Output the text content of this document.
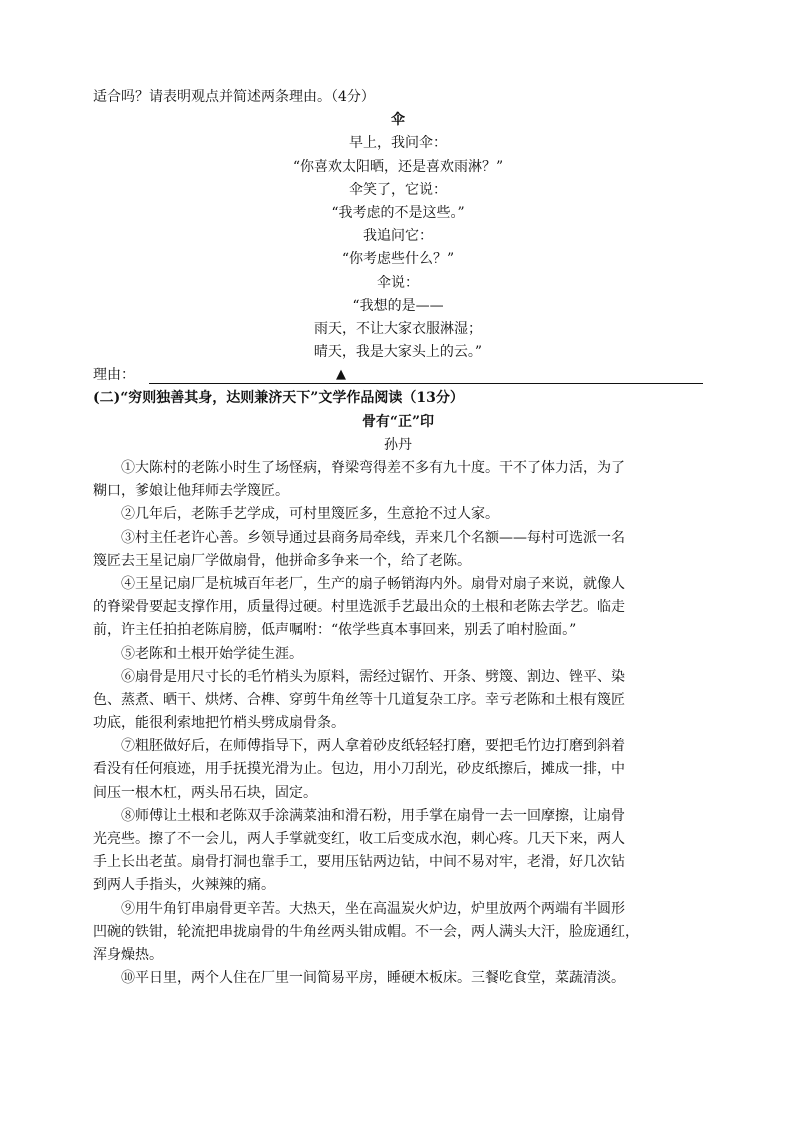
适合吗？请表明观点并简述两条理由。（4分）
伞
早上，我问伞：
“你喜欢太阳晒，还是喜欢雨淋？”
伞笑了，它说：
“我考虑的不是这些。”
我追问它：
“你考虑些什么？”
伞说：
“我想的是——
雨天，不让大家衣服淋湿；
晴天，我是大家头上的云。”
理由：	▲
(二)“穷则独善其身，达则兼济天下”文学作品阅读（13分）
骨有“正”印
孙丹
①大陈村的老陈小时生了场怪病，脊梁弯得差不多有九十度。干不了体力活，为了
糊口，爹娘让他拜师去学篾匠。
②几年后，老陈手艺学成，可村里篾匠多，生意抢不过人家。
③村主任老许心善。乡领导通过县商务局牵线，弄来几个名额——每村可选派一名
篾匠去王星记扇厂学做扇骨，他拼命多争来一个，给了老陈。
④王星记扇厂是杭城百年老厂，生产的扇子畅销海内外。扇骨对扇子来说，就像人
的脊梁骨要起支撑作用，质量得过硬。村里选派手艺最出众的土根和老陈去学艺。临走
前，许主任拍拍老陈肩膀，低声嘱咐：“侬学些真本事回来，别丢了咱村脸面。”
⑤老陈和土根开始学徒生涯。
⑥扇骨是用尺寸长的毛竹梢头为原料，需经过锯竹、开条、劈篾、割边、锉平、染
色、蒸煮、晒干、烘烤、合榫、穿剪牛角丝等十几道复杂工序。幸亏老陈和土根有篾匠
功底，能很利索地把竹梢头劈成扇骨条。
⑦粗胚做好后，在师傅指导下，两人拿着砂皮纸轻轻打磨，要把毛竹边打磨到斜着
看没有任何痕迹，用手抚摸光滑为止。包边，用小刀刮光，砂皮纸擦后，摊成一排，中
间压一根木杠，两头吊石块，固定。
⑧师傅让土根和老陈双手涂满菜油和滑石粉，用手掌在扇骨一去一回摩擦，让扇骨
光亮些。擦了不一会儿，两人手掌就变红，收工后变成水泡，刺心疼。几天下来，两人
手上长出老茧。扇骨打洞也靠手工，要用压钻两边钻，中间不易对牢，老滑，好几次钻
到两人手指头，火辣辣的痛。
⑨用牛角钉串扇骨更辛苦。大热天，坐在高温炭火炉边，炉里放两个两端有半圆形
凹碗的铁钳，轮流把串拢扇骨的牛角丝两头钳成帽。不一会，两人满头大汗，脸庞通红，
浑身燥热。
⑩平日里，两个人住在厂里一间简易平房，睡硬木板床。三餐吃食堂，菜蔬清淡。
